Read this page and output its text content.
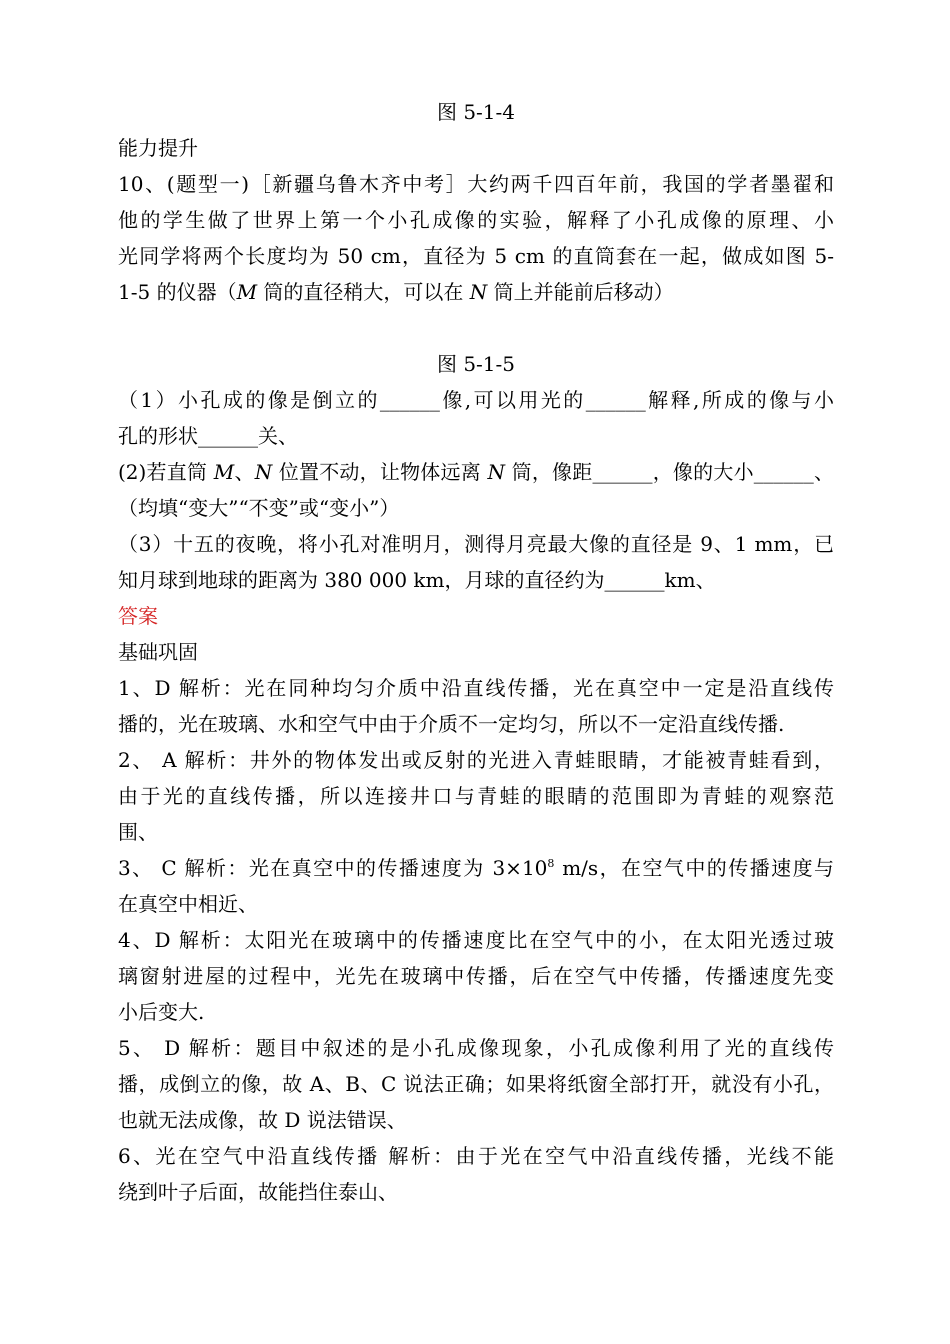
图 5-1-4
能力提升
10、(题型一)［新疆乌鲁木齐中考］大约两千四百年前，我国的学者墨翟和
他的学生做了世界上第一个小孔成像的实验，解释了小孔成像的原理、小
光同学将两个长度均为 50 cm，直径为 5 cm 的直筒套在一起，做成如图 5-
1-5 的仪器（M 筒的直径稍大，可以在 N 筒上并能前后移动）
图 5-1-5
（1）小孔成的像是倒立的______像,可以用光的______解释,所成的像与小
孔的形状______关、
(2)若直筒 M、N 位置不动，让物体远离 N 筒，像距______，像的大小______、
（均填“变大”“不变”或“变小”）
（3）十五的夜晚，将小孔对准明月，测得月亮最大像的直径是 9、1 mm，已
知月球到地球的距离为 380 000 km，月球的直径约为______km、
答案
基础巩固
1、D 解析：光在同种均匀介质中沿直线传播，光在真空中一定是沿直线传
播的，光在玻璃、水和空气中由于介质不一定均匀，所以不一定沿直线传播.
2、 A 解析：井外的物体发出或反射的光进入青蛙眼睛，才能被青蛙看到，
由于光的直线传播，所以连接井口与青蛙的眼睛的范围即为青蛙的观察范
围、
3、 C 解析：光在真空中的传播速度为 $3\times 10^8$ m/s，在空气中的传播速度与
在真空中相近、
4、D 解析：太阳光在玻璃中的传播速度比在空气中的小，在太阳光透过玻
璃窗射进屋的过程中，光先在玻璃中传播，后在空气中传播，传播速度先变
小后变大.
5、 D 解析：题目中叙述的是小孔成像现象，小孔成像利用了光的直线传
播，成倒立的像，故 A、B、C 说法正确；如果将纸窗全部打开，就没有小孔，
也就无法成像，故 D 说法错误、
6、光在空气中沿直线传播 解析：由于光在空气中沿直线传播，光线不能
绕到叶子后面，故能挡住泰山、
